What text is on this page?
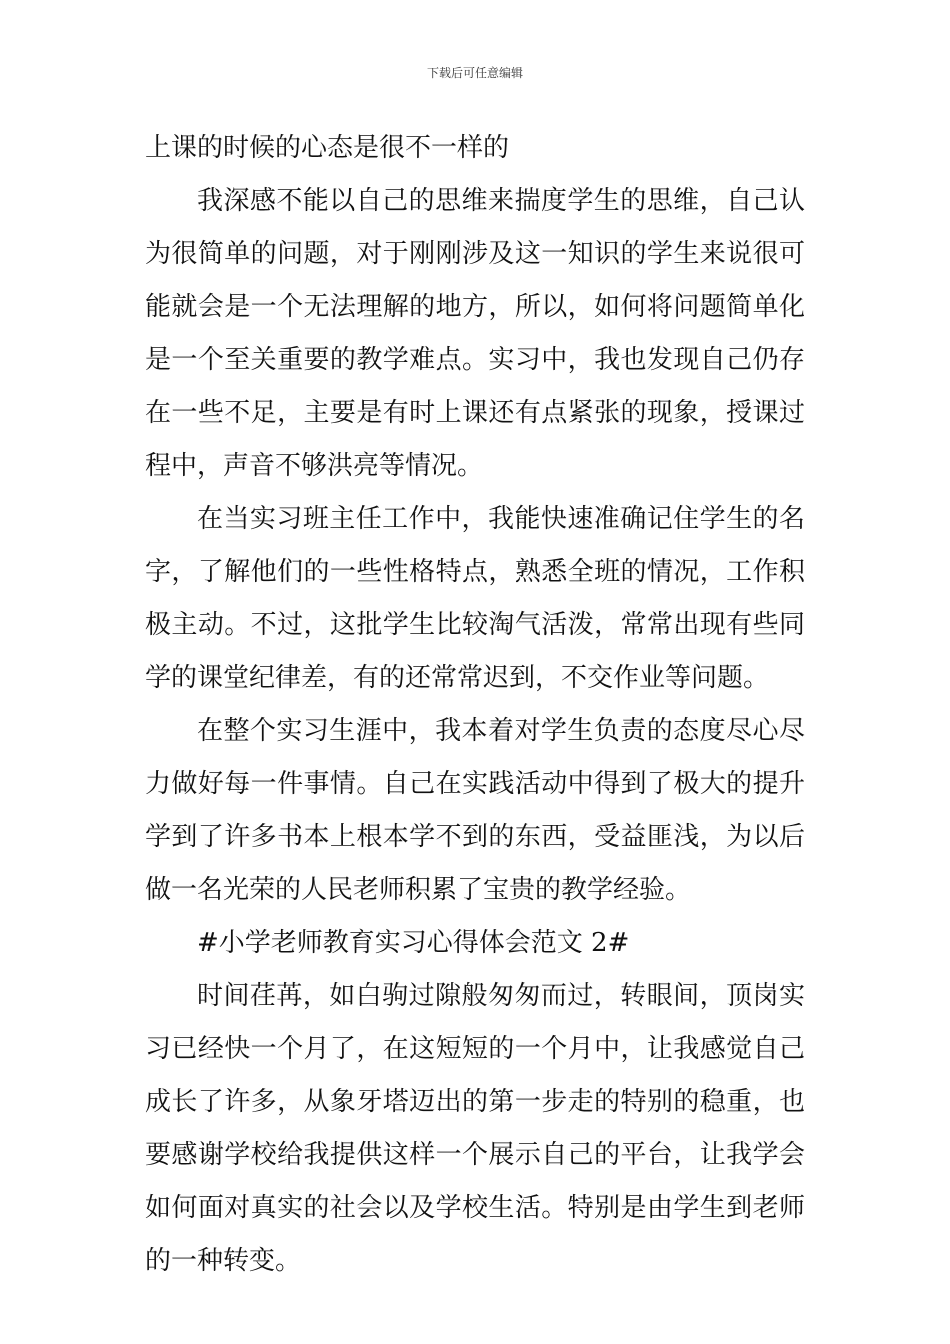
下载后可任意编辑
上课的时候的心态是很不一样的
我深感不能以自己的思维来揣度学生的思维，自己认
为很简单的问题，对于刚刚涉及这一知识的学生来说很可
能就会是一个无法理解的地方，所以，如何将问题简单化
是一个至关重要的教学难点。实习中，我也发现自己仍存
在一些不足，主要是有时上课还有点紧张的现象，授课过
程中，声音不够洪亮等情况。
在当实习班主任工作中，我能快速准确记住学生的名
字，了解他们的一些性格特点，熟悉全班的情况，工作积
极主动。不过，这批学生比较淘气活泼，常常出现有些同
学的课堂纪律差，有的还常常迟到，不交作业等问题。
在整个实习生涯中，我本着对学生负责的态度尽心尽
力做好每一件事情。自己在实践活动中得到了极大的提升
学到了许多书本上根本学不到的东西，受益匪浅，为以后
做一名光荣的人民老师积累了宝贵的教学经验。
#小学老师教育实习心得体会范文 2#
时间荏苒，如白驹过隙般匆匆而过，转眼间，顶岗实
习已经快一个月了，在这短短的一个月中，让我感觉自己
成长了许多，从象牙塔迈出的第一步走的特别的稳重，也
要感谢学校给我提供这样一个展示自己的平台，让我学会
如何面对真实的社会以及学校生活。特别是由学生到老师
的一种转变。
